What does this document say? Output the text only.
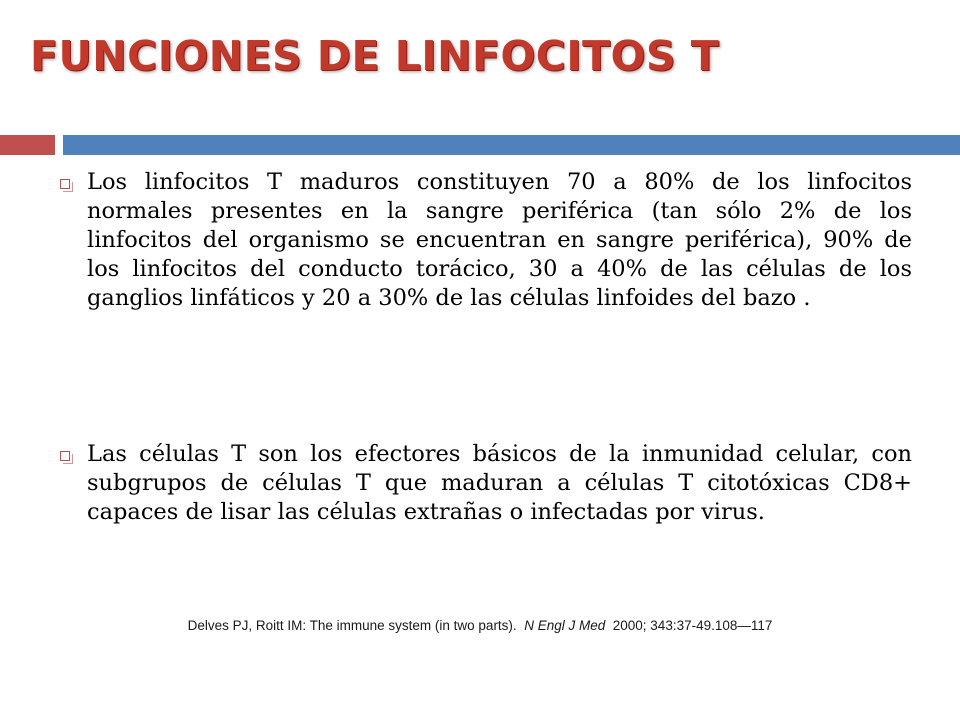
FUNCIONES DE LINFOCITOS T
Los linfocitos T maduros constituyen 70 a 80% de los linfocitos normales presentes en la sangre periférica (tan sólo 2% de los linfocitos del organismo se encuentran en sangre periférica), 90% de los linfocitos del conducto torácico, 30 a 40% de las células de los ganglios linfáticos y 20 a 30% de las células linfoides del bazo .
Las células T son los efectores básicos de la inmunidad celular, con subgrupos de células T que maduran a células T citotóxicas CD8+ capaces de lisar las células extrañas o infectadas por virus.
Delves PJ, Roitt IM: The immune system (in two parts). N Engl J Med 2000; 343:37-49.108—117
